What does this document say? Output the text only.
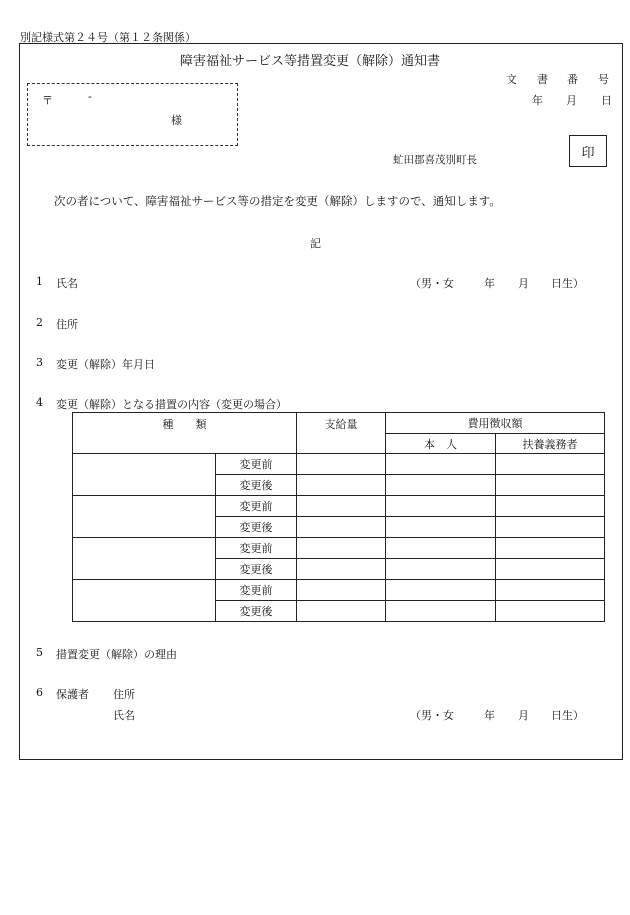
別記様式第２４号（第１２条関係）
障害福祉サービス等措置変更（解除）通知書
文 書 番 号
年 月 日
〒	-
様
印
虻田郡喜茂別町長
次の者について、障害福祉サービス等の措定を変更（解除）しますので、通知します。
記
1 氏名	（男・女	年 月 日生）
2 住所
3 変更（解除）年月日
4 変更（解除）となる措置の内容（変更の場合）
種　　類		支給量	費用徴収額	
			本　人	扶養義務者
	変更前			
	変更後			
	変更前			
	変更後			
	変更前			
	変更後			
	変更前			
	変更後			
5 措置変更（解除）の理由
6 保護者 住所
氏名	（男・女	年 月 日生）
